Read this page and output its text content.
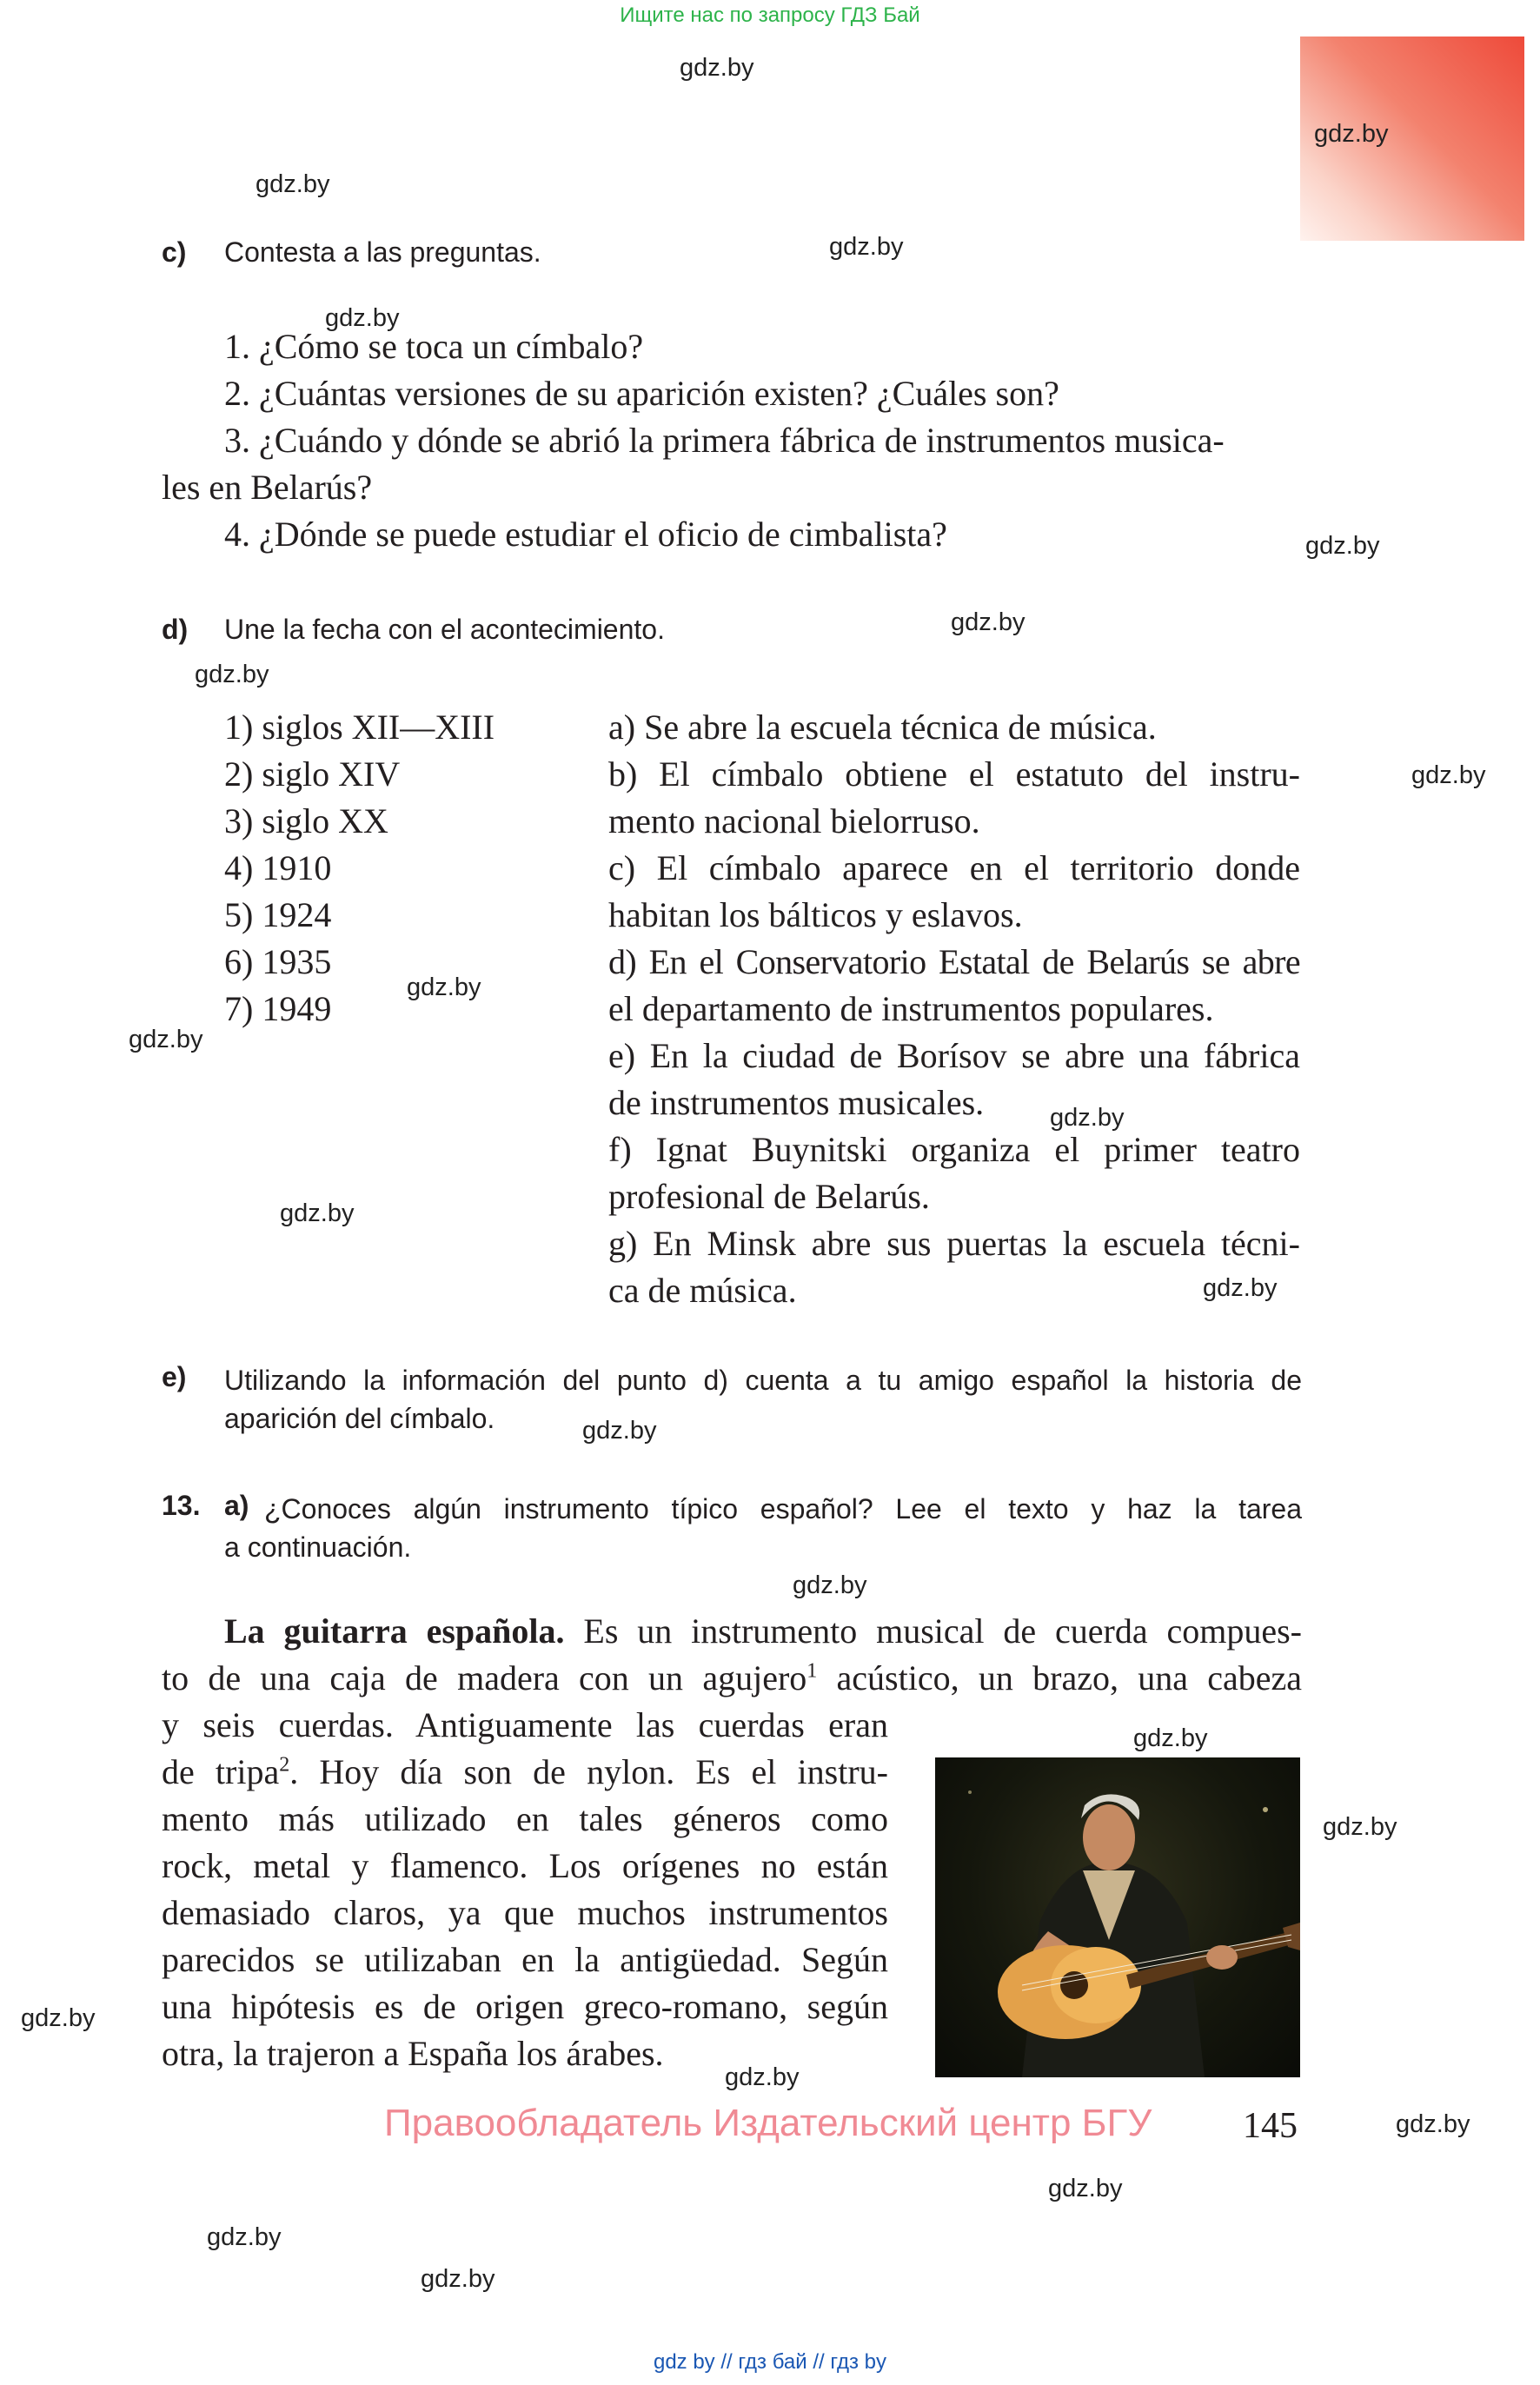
Ищите нас по запросу ГДЗ Бай
gdz.by
gdz.by
gdz.by
gdz.by
gdz.by
gdz.by
gdz.by
gdz.by
gdz.by
gdz.by
gdz.by
gdz.by
gdz.by
gdz.by
gdz.by
gdz.by
gdz.by
gdz.by
gdz.by
gdz.by
gdz.by
gdz.by
gdz.by
gdz.by
c) Contesta a las preguntas.
1. ¿Cómo se toca un címbalo?
2. ¿Cuántas versiones de su aparición existen? ¿Cuáles son?
3. ¿Cuándo y dónde se abrió la primera fábrica de instrumentos musica-
les en Belarús?
4. ¿Dónde se puede estudiar el oficio de cimbalista?
d) Une la fecha con el acontecimiento.
1) siglos XII—XIII
2) siglo XIV
3) siglo XX
4) 1910
5) 1924
6) 1935
7) 1949
a) Se abre la escuela técnica de música.
b) El címbalo obtiene el estatuto del instru-
mento nacional bielorruso.
c) El címbalo aparece en el territorio donde
habitan los bálticos y eslavos.
d) En el Conservatorio Estatal de Belarús se abre
el departamento de instrumentos populares.
e) En la ciudad de Borísov se abre una fábrica
de instrumentos musicales.
f) Ignat Buynitski organiza el primer teatro
profesional de Belarús.
g) En Minsk abre sus puertas la escuela técni-
ca de música.
e) Utilizando la información del punto d) cuenta a tu amigo español la historia de
aparición del címbalo.
13. a) ¿Conoces algún instrumento típico español? Lee el texto y haz la tarea
a continuación.
La guitarra española. Es un instrumento musical de cuerda compues-
to de una caja de madera con un agujero$^1$ acústico, un brazo, una cabeza
y seis cuerdas. Antiguamente las cuerdas eran
de tripa$^2$. Hoy día son de nylon. Es el instru-
mento más utilizado en tales géneros como
rock, metal y flamenco. Los orígenes no están
demasiado claros, ya que muchos instrumentos
parecidos se utilizaban en la antigüedad. Según
una hipótesis es de origen greco-romano, según
otra, la trajeron a España los árabes.
Правообладатель Издательский центр БГУ 145
gdz by // гдз бай // гдз by
